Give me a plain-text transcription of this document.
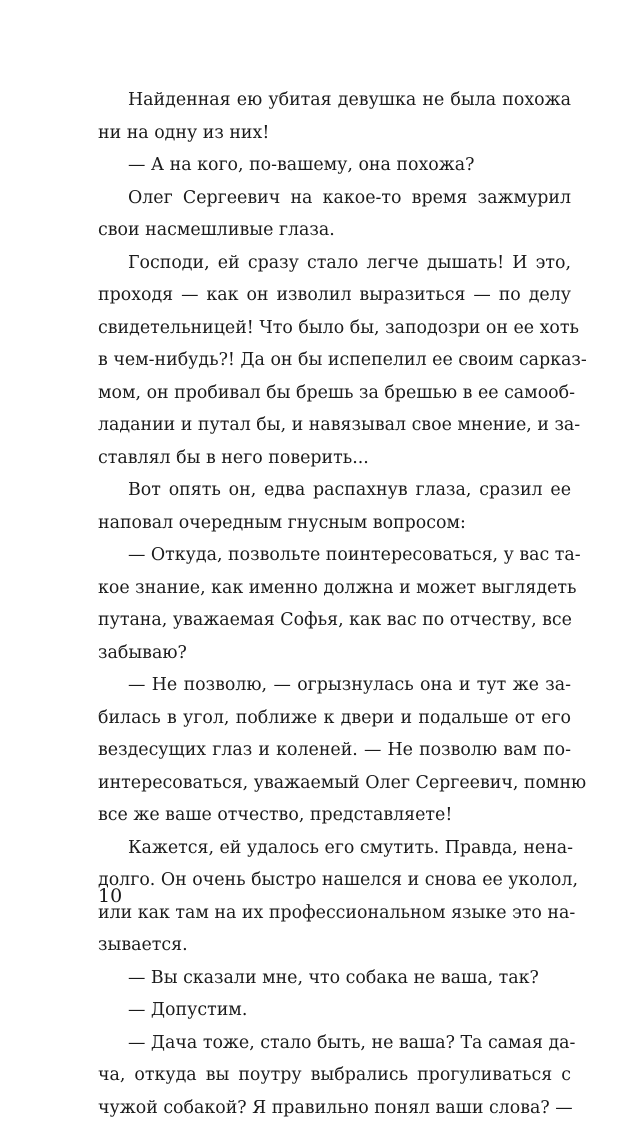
Найденная ею убитая девушка не была похожа
ни на одну из них!
— А на кого, по-вашему, она похожа?
Олег Сергеевич на какое-то время зажмурил
свои насмешливые глаза.
Господи, ей сразу стало легче дышать! И это,
проходя — как он изволил выразиться — по делу
свидетельницей! Что было бы, заподозри он ее хоть
в чем-нибудь?! Да он бы испепелил ее своим сарказ-
мом, он пробивал бы брешь за брешью в ее самооб-
ладании и путал бы, и навязывал свое мнение, и за-
ставлял бы в него поверить...
Вот опять он, едва распахнув глаза, сразил ее
наповал очередным гнусным вопросом:
— Откуда, позвольте поинтересоваться, у вас та-
кое знание, как именно должна и может выглядеть
путана, уважаемая Софья, как вас по отчеству, все
забываю?
— Не позволю, — огрызнулась она и тут же за-
билась в угол, поближе к двери и подальше от его
вездесущих глаз и коленей. — Не позволю вам по-
интересоваться, уважаемый Олег Сергеевич, помню
все же ваше отчество, представляете!
Кажется, ей удалось его смутить. Правда, нена-
долго. Он очень быстро нашелся и снова ее уколол,
или как там на их профессиональном языке это на-
зывается.
— Вы сказали мне, что собака не ваша, так?
— Допустим.
— Дача тоже, стало быть, не ваша? Та самая да-
ча, откуда вы поутру выбрались прогуливаться с
чужой собакой? Я правильно понял ваши слова? —
10
